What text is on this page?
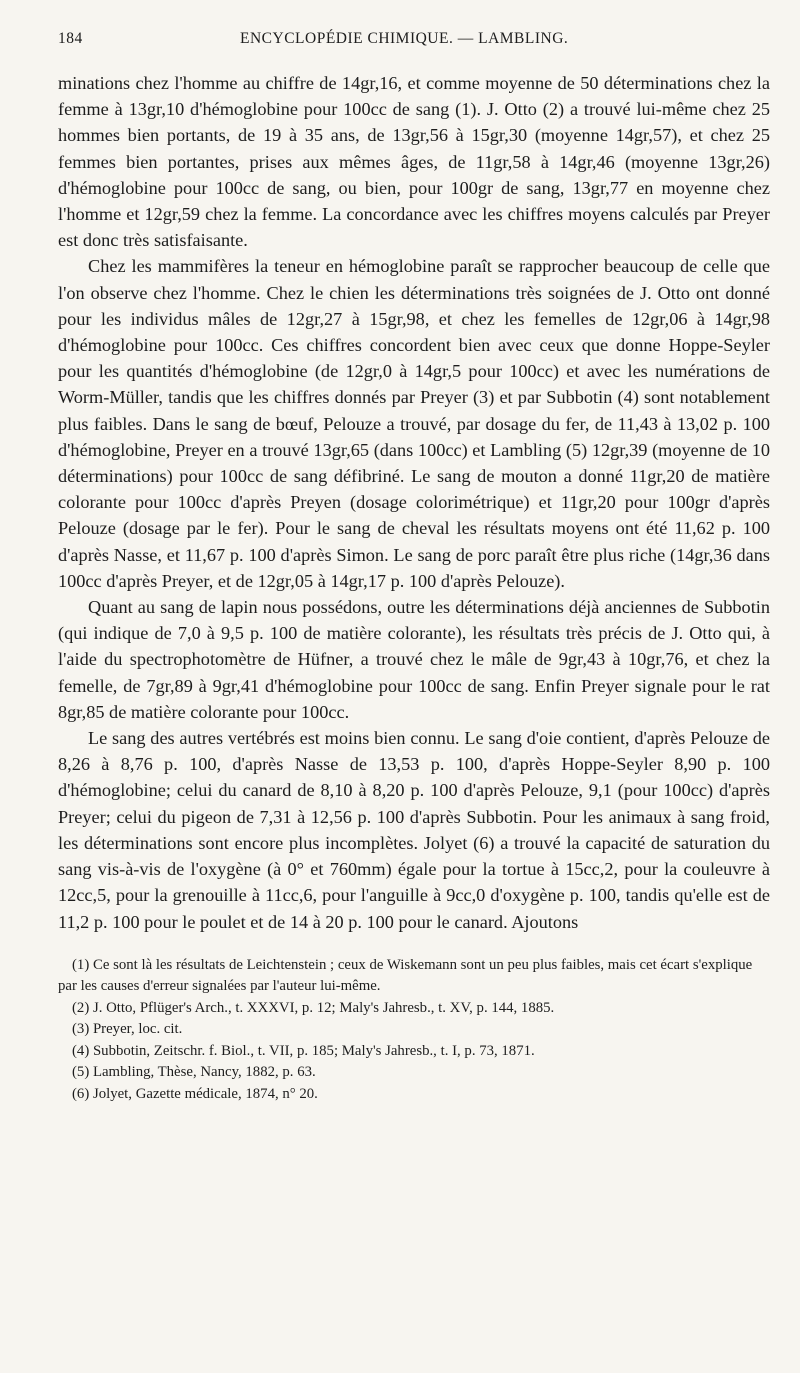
184	ENCYCLOPÉDIE CHIMIQUE. — LAMBLING.

minations chez l'homme au chiffre de 14gr,16, et comme moyenne de 50 déterminations chez la femme à 13gr,10 d'hémoglobine pour 100cc de sang (1). J. Otto (2) a trouvé lui-même chez 25 hommes bien portants, de 19 à 35 ans, de 13gr,56 à 15gr,30 (moyenne 14gr,57), et chez 25 femmes bien portantes, prises aux mêmes âges, de 11gr,58 à 14gr,46 (moyenne 13gr,26) d'hémoglobine pour 100cc de sang, ou bien, pour 100gr de sang, 13gr,77 en moyenne chez l'homme et 12gr,59 chez la femme. La concordance avec les chiffres moyens calculés par Preyer est donc très satisfaisante.

Chez les mammifères la teneur en hémoglobine paraît se rapprocher beaucoup de celle que l'on observe chez l'homme. Chez le chien les déterminations très soignées de J. Otto ont donné pour les individus mâles de 12gr,27 à 15gr,98, et chez les femelles de 12gr,06 à 14gr,98 d'hémoglobine pour 100cc. Ces chiffres concordent bien avec ceux que donne Hoppe-Seyler pour les quantités d'hémoglobine (de 12gr,0 à 14gr,5 pour 100cc) et avec les numérations de Worm-Müller, tandis que les chiffres donnés par Preyer (3) et par Subbotin (4) sont notablement plus faibles. Dans le sang de bœuf, Pelouze a trouvé, par dosage du fer, de 11,43 à 13,02 p. 100 d'hémoglobine, Preyer en a trouvé 13gr,65 (dans 100cc) et Lambling (5) 12gr,39 (moyenne de 10 déterminations) pour 100cc de sang défibriné. Le sang de mouton a donné 11gr,20 de matière colorante pour 100cc d'après Preyen (dosage colorimétrique) et 11gr,20 pour 100gr d'après Pelouze (dosage par le fer). Pour le sang de cheval les résultats moyens ont été 11,62 p. 100 d'après Nasse, et 11,67 p. 100 d'après Simon. Le sang de porc paraît être plus riche (14gr,36 dans 100cc d'après Preyer, et de 12gr,05 à 14gr,17 p. 100 d'après Pelouze).

Quant au sang de lapin nous possédons, outre les déterminations déjà anciennes de Subbotin (qui indique de 7,0 à 9,5 p. 100 de matière colorante), les résultats très précis de J. Otto qui, à l'aide du spectrophotomètre de Hüfner, a trouvé chez le mâle de 9gr,43 à 10gr,76, et chez la femelle, de 7gr,89 à 9gr,41 d'hémoglobine pour 100cc de sang. Enfin Preyer signale pour le rat 8gr,85 de matière colorante pour 100cc.

Le sang des autres vertébrés est moins bien connu. Le sang d'oie contient, d'après Pelouze de 8,26 à 8,76 p. 100, d'après Nasse de 13,53 p. 100, d'après Hoppe-Seyler 8,90 p. 100 d'hémoglobine; celui du canard de 8,10 à 8,20 p. 100 d'après Pelouze, 9,1 (pour 100cc) d'après Preyer; celui du pigeon de 7,31 à 12,56 p. 100 d'après Subbotin. Pour les animaux à sang froid, les déterminations sont encore plus incomplètes. Jolyet (6) a trouvé la capacité de saturation du sang vis-à-vis de l'oxygène (à 0° et 760mm) égale pour la tortue à 15cc,2, pour la couleuvre à 12cc,5, pour la grenouille à 11cc,6, pour l'anguille à 9cc,0 d'oxygène p. 100, tandis qu'elle est de 11,2 p. 100 pour le poulet et de 14 à 20 p. 100 pour le canard. Ajoutons

(1) Ce sont là les résultats de Leichtenstein ; ceux de Wiskemann sont un peu plus faibles, mais cet écart s'explique par les causes d'erreur signalées par l'auteur lui-même.

(2) J. Otto, Pflüger's Arch., t. XXXVI, p. 12; Maly's Jahresb., t. XV, p. 144, 1885.

(3) Preyer, loc. cit.

(4) Subbotin, Zeitschr. f. Biol., t. VII, p. 185; Maly's Jahresb., t. I, p. 73, 1871.

(5) Lambling, Thèse, Nancy, 1882, p. 63.

(6) Jolyet, Gazette médicale, 1874, n° 20.
